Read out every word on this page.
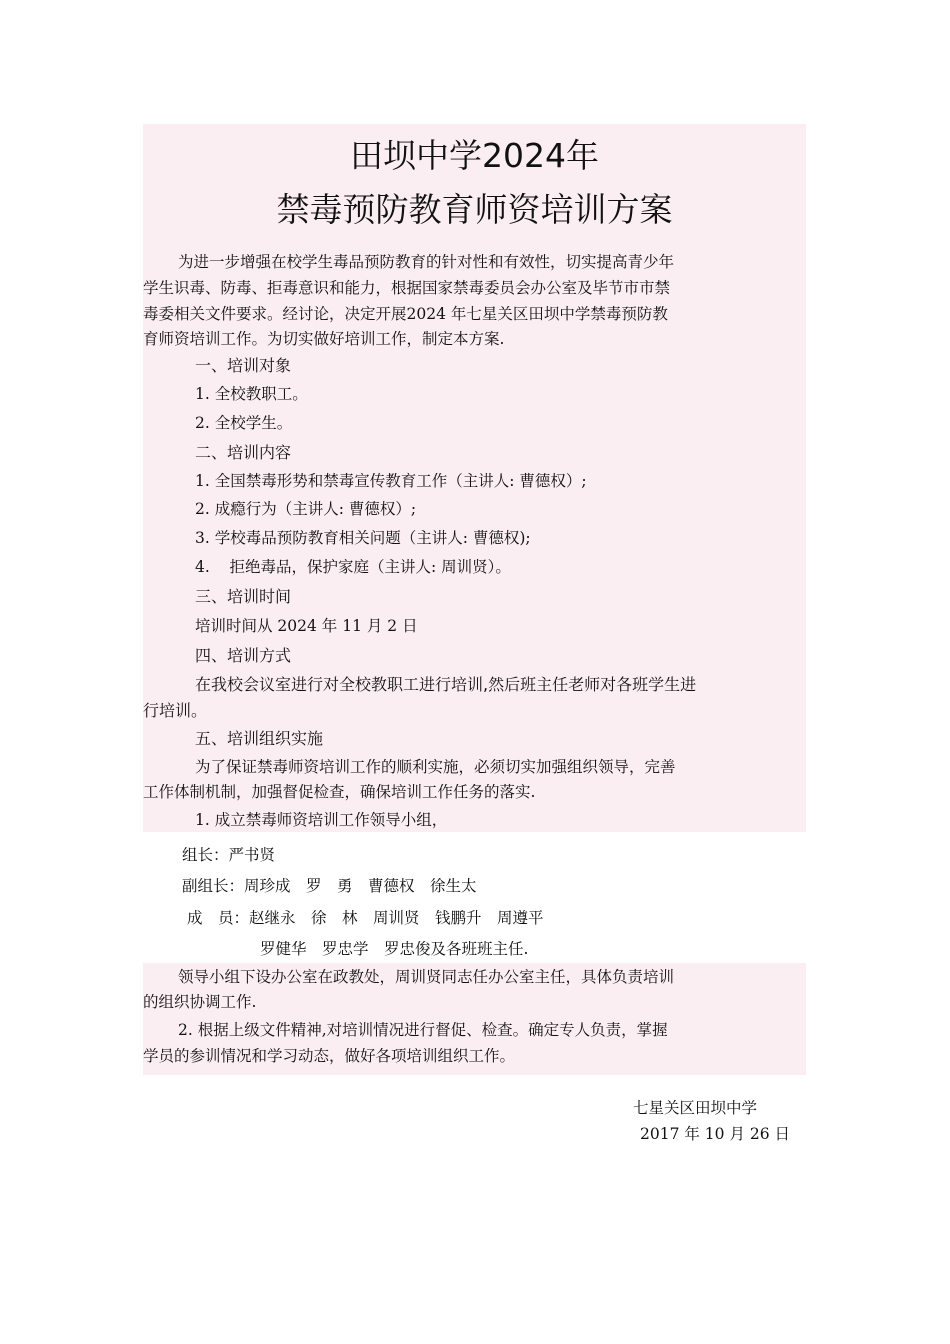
田坝中学2024年
禁毒预防教育师资培训方案
为进一步增强在校学生毒品预防教育的针对性和有效性，切实提高青少年
学生识毒、防毒、拒毒意识和能力，根据国家禁毒委员会办公室及毕节市市禁
毒委相关文件要求。经讨论，决定开展2024 年七星关区田坝中学禁毒预防教
育师资培训工作。为切实做好培训工作，制定本方案.
一、培训对象
1. 全校教职工。
2. 全校学生。
二、培训内容
1. 全国禁毒形势和禁毒宣传教育工作（主讲人: 曹德权）;
2. 成瘾行为（主讲人: 曹德权）;
3. 学校毒品预防教育相关问题（主讲人: 曹德权);
4.    拒绝毒品，保护家庭（主讲人: 周训贤）。
三、培训时间
培训时间从 2024 年 11 月 2 日
四、培训方式
在我校会议室进行对全校教职工进行培训,然后班主任老师对各班学生进
行培训。
五、培训组织实施
为了保证禁毒师资培训工作的顺利实施，必须切实加强组织领导，完善
工作体制机制，加强督促检查，确保培训工作任务的落实.
1. 成立禁毒师资培训工作领导小组，
组长：严书贤
副组长：周珍成　罗　勇　曹德权　徐生太
成　员：赵继永　徐　林　周训贤　钱鹏升　周遵平
罗健华　罗忠学　罗忠俊及各班班主任.
领导小组下设办公室在政教处，周训贤同志任办公室主任，具体负责培训
的组织协调工作.
2. 根据上级文件精神,对培训情况进行督促、检查。确定专人负责，掌握
学员的参训情况和学习动态，做好各项培训组织工作。
七星关区田坝中学
2017 年 10 月 26 日
